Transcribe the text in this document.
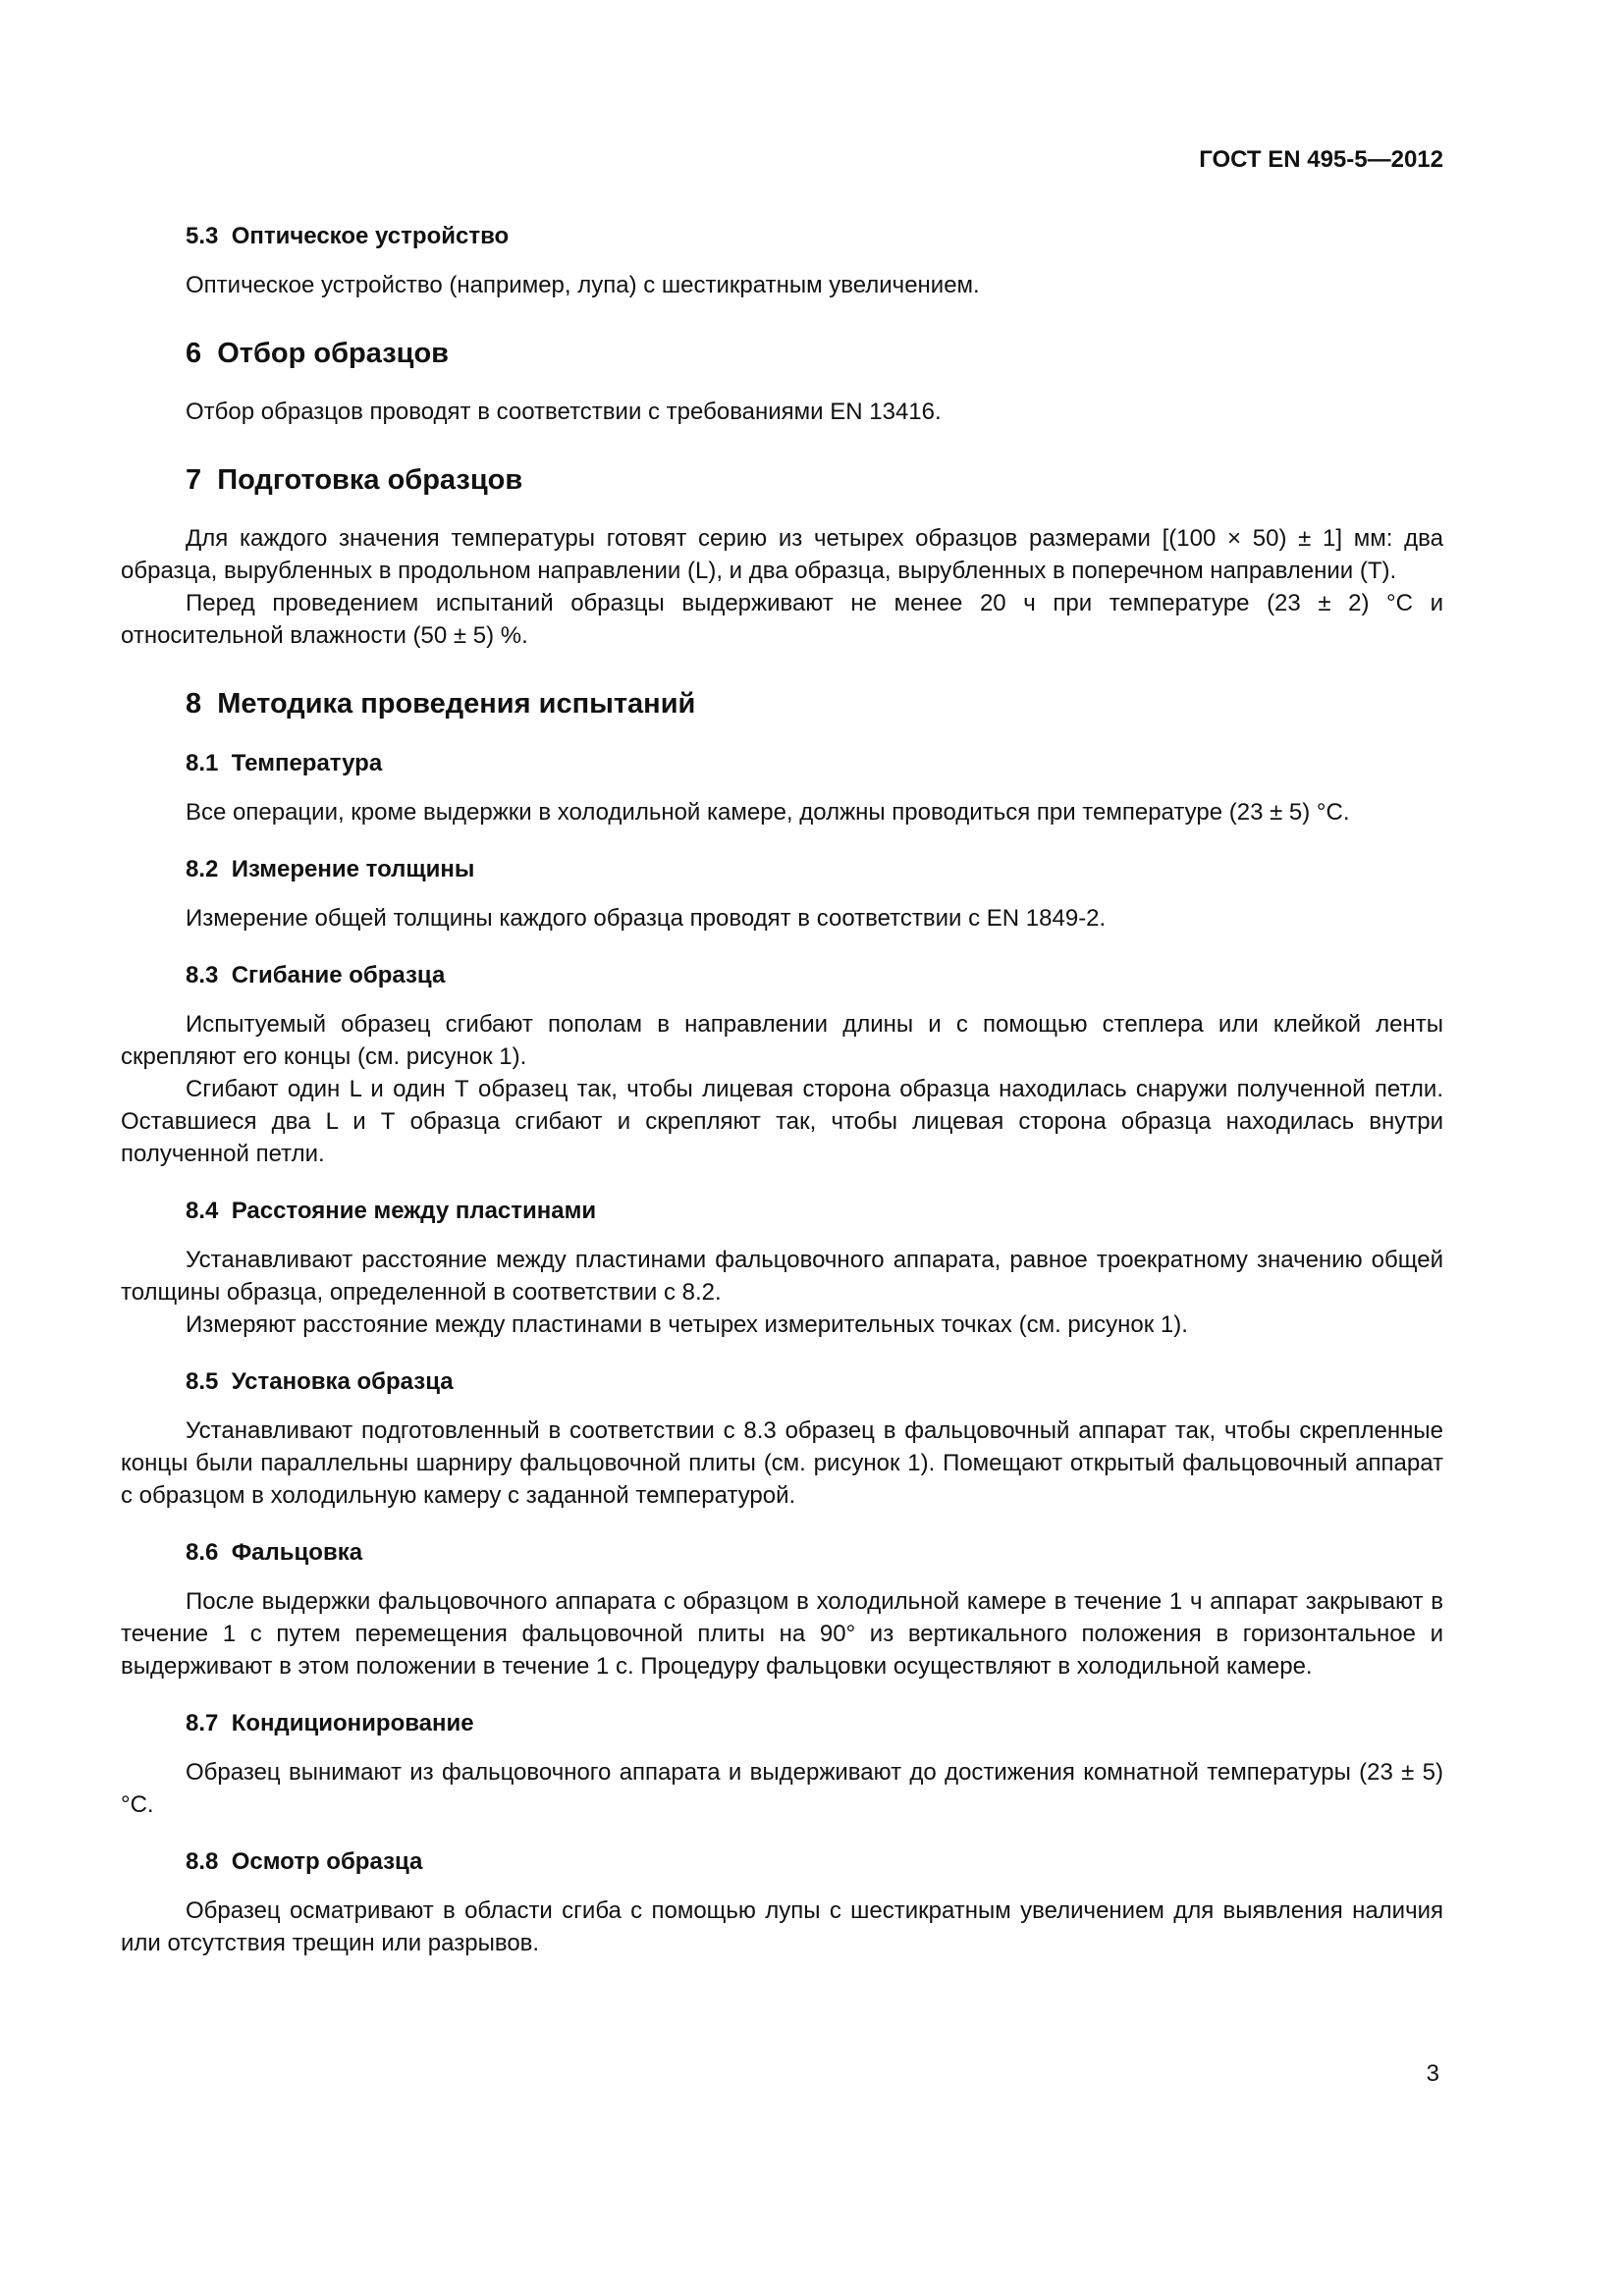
ГОСТ EN 495-5—2012
5.3  Оптическое устройство

Оптическое устройство (например, лупа) с шестикратным увеличением.

6  Отбор образцов

Отбор образцов проводят в соответствии с требованиями EN 13416.

7  Подготовка образцов

Для каждого значения температуры готовят серию из четырех образцов размерами [(100 × 50) ± 1] мм: два образца, вырубленных в продольном направлении (L), и два образца, вырубленных в поперечном направлении (Т).

Перед проведением испытаний образцы выдерживают не менее 20 ч при температуре (23 ± 2) °С и относительной влажности (50 ± 5) %.

8  Методика проведения испытаний
8.1  Температура

Все операции, кроме выдержки в холодильной камере, должны проводиться при температуре (23 ± 5) °С.

8.2  Измерение толщины

Измерение общей толщины каждого образца проводят в соответствии с EN 1849-2.

8.3  Сгибание образца

Испытуемый образец сгибают пополам в направлении длины и с помощью степлера или клейкой ленты скрепляют его концы (см. рисунок 1).

Сгибают один L и один Т образец так, чтобы лицевая сторона образца находилась снаружи полученной петли. Оставшиеся два L и Т образца сгибают и скрепляют так, чтобы лицевая сторона образца находилась внутри полученной петли.

8.4  Расстояние между пластинами

Устанавливают расстояние между пластинами фальцовочного аппарата, равное троекратному значению общей толщины образца, определенной в соответствии с 8.2.

Измеряют расстояние между пластинами в четырех измерительных точках (см. рисунок 1).

8.5  Установка образца

Устанавливают подготовленный в соответствии с 8.3 образец в фальцовочный аппарат так, чтобы скрепленные концы были параллельны шарниру фальцовочной плиты (см. рисунок 1). Помещают открытый фальцовочный аппарат с образцом в холодильную камеру с заданной температурой.

8.6  Фальцовка

После выдержки фальцовочного аппарата с образцом в холодильной камере в течение 1 ч аппарат закрывают в течение 1 с путем перемещения фальцовочной плиты на 90° из вертикального положения в горизонтальное и выдерживают в этом положении в течение 1 с. Процедуру фальцовки осуществляют в холодильной камере.

8.7  Кондиционирование

Образец вынимают из фальцовочного аппарата и выдерживают до достижения комнатной температуры (23 ± 5) °С.

8.8  Осмотр образца

Образец осматривают в области сгиба с помощью лупы с шестикратным увеличением для выявления наличия или отсутствия трещин или разрывов.

3
